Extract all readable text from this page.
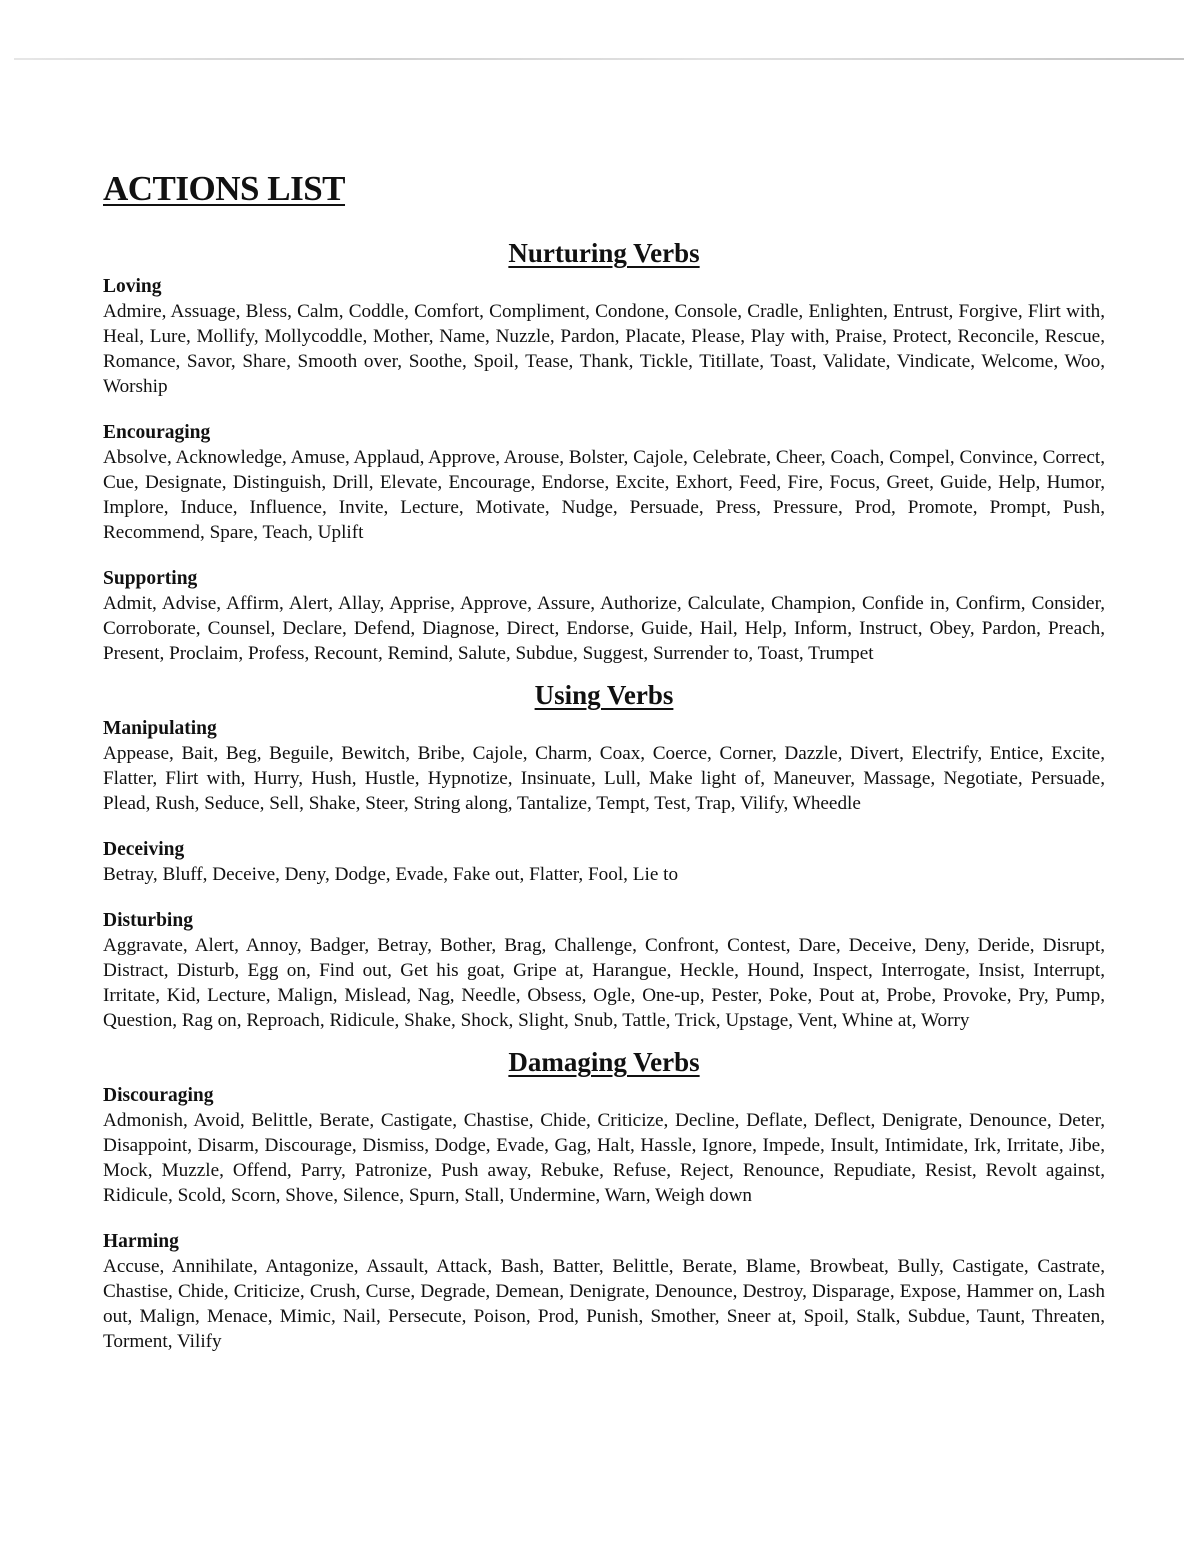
ACTIONS LIST
Nurturing Verbs

Loving

Admire, Assuage, Bless, Calm, Coddle, Comfort, Compliment, Condone, Console, Cradle, Enlighten, Entrust, Forgive, Flirt with, Heal, Lure, Mollify, Mollycoddle, Mother, Name, Nuzzle, Pardon, Placate, Please, Play with, Praise, Protect, Reconcile, Rescue, Romance, Savor, Share, Smooth over, Soothe, Spoil, Tease, Thank, Tickle, Titillate, Toast, Validate, Vindicate, Welcome, Woo, Worship

Encouraging

Absolve, Acknowledge, Amuse, Applaud, Approve, Arouse, Bolster, Cajole, Celebrate, Cheer, Coach, Compel, Convince, Correct, Cue, Designate, Distinguish, Drill, Elevate, Encourage, Endorse, Excite, Exhort, Feed, Fire, Focus, Greet, Guide, Help, Humor, Implore, Induce, Influence, Invite, Lecture, Motivate, Nudge, Persuade, Press, Pressure, Prod, Promote, Prompt, Push, Recommend, Spare, Teach, Uplift

Supporting

Admit, Advise, Affirm, Alert, Allay, Apprise, Approve, Assure, Authorize, Calculate, Champion, Confide in, Confirm, Consider, Corroborate, Counsel, Declare, Defend, Diagnose, Direct, Endorse, Guide, Hail, Help, Inform, Instruct, Obey, Pardon, Preach, Present, Proclaim, Profess, Recount, Remind, Salute, Subdue, Suggest, Surrender to, Toast, Trumpet

Using Verbs

Manipulating

Appease, Bait, Beg, Beguile, Bewitch, Bribe, Cajole, Charm, Coax, Coerce, Corner, Dazzle, Divert, Electrify, Entice, Excite, Flatter, Flirt with, Hurry, Hush, Hustle, Hypnotize, Insinuate, Lull, Make light of, Maneuver, Massage, Negotiate, Persuade, Plead, Rush, Seduce, Sell, Shake, Steer, String along, Tantalize, Tempt, Test, Trap, Vilify, Wheedle

Deceiving

Betray, Bluff, Deceive, Deny, Dodge, Evade, Fake out, Flatter, Fool, Lie to

Disturbing

Aggravate, Alert, Annoy, Badger, Betray, Bother, Brag, Challenge, Confront, Contest, Dare, Deceive, Deny, Deride, Disrupt, Distract, Disturb, Egg on, Find out, Get his goat, Gripe at, Harangue, Heckle, Hound, Inspect, Interrogate, Insist, Interrupt, Irritate, Kid, Lecture, Malign, Mislead, Nag, Needle, Obsess, Ogle, One-up, Pester, Poke, Pout at, Probe, Provoke, Pry, Pump, Question, Rag on, Reproach, Ridicule, Shake, Shock, Slight, Snub, Tattle, Trick, Upstage, Vent, Whine at, Worry

Damaging Verbs

Discouraging

Admonish, Avoid, Belittle, Berate, Castigate, Chastise, Chide, Criticize, Decline, Deflate, Deflect, Denigrate, Denounce, Deter, Disappoint, Disarm, Discourage, Dismiss, Dodge, Evade, Gag, Halt, Hassle, Ignore, Impede, Insult, Intimidate, Irk, Irritate, Jibe, Mock, Muzzle, Offend, Parry, Patronize, Push away, Rebuke, Refuse, Reject, Renounce, Repudiate, Resist, Revolt against, Ridicule, Scold, Scorn, Shove, Silence, Spurn, Stall, Undermine, Warn, Weigh down

Harming

Accuse, Annihilate, Antagonize, Assault, Attack, Bash, Batter, Belittle, Berate, Blame, Browbeat, Bully, Castigate, Castrate, Chastise, Chide, Criticize, Crush, Curse, Degrade, Demean, Denigrate, Denounce, Destroy, Disparage, Expose, Hammer on, Lash out, Malign, Menace, Mimic, Nail, Persecute, Poison, Prod, Punish, Smother, Sneer at, Spoil, Stalk, Subdue, Taunt, Threaten, Torment, Vilify
